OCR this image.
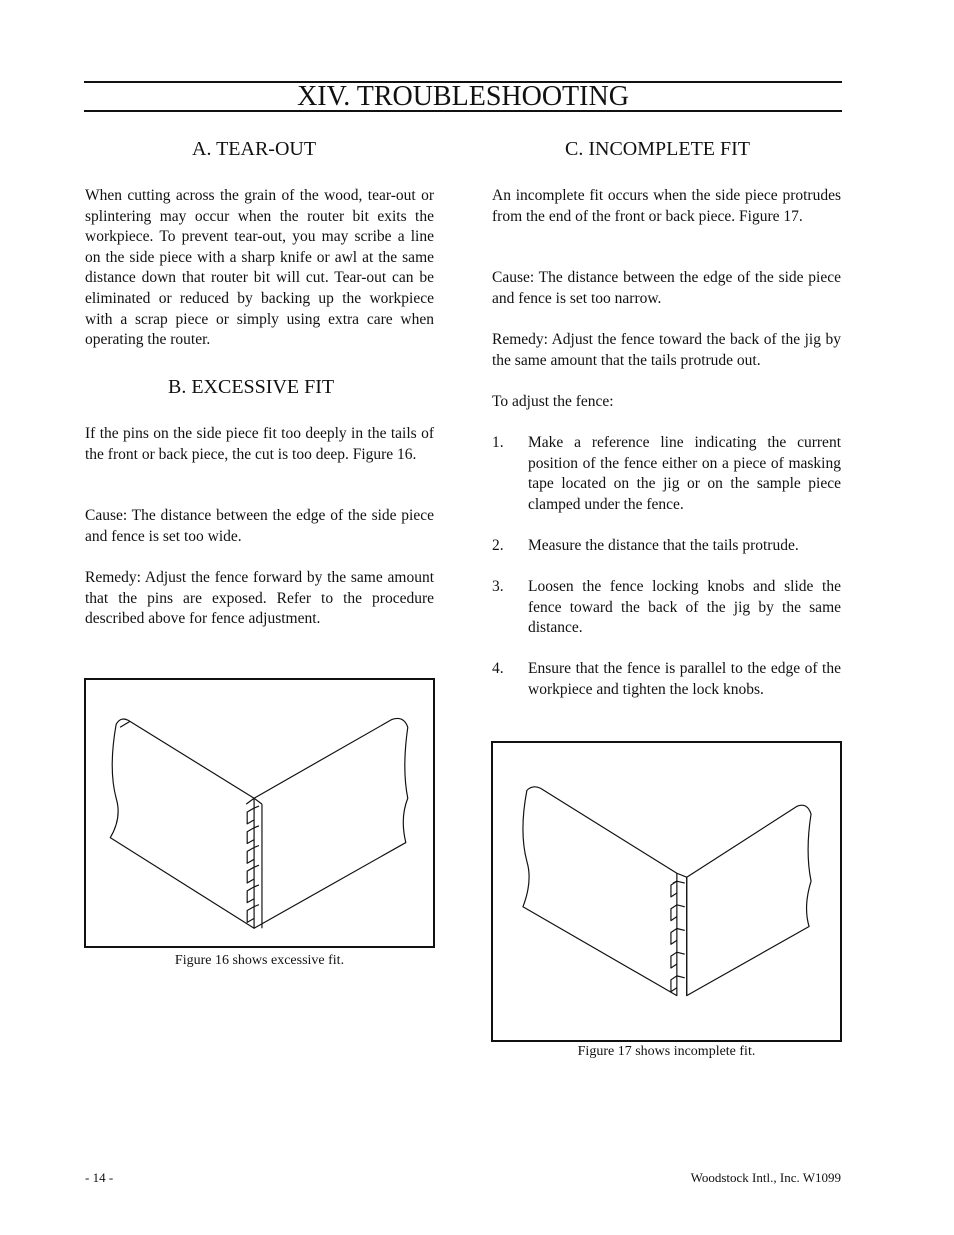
XIV. TROUBLESHOOTING
A. TEAR-OUT

When cutting across the grain of the wood, tear-out or splintering may occur when the router bit exits the workpiece. To prevent tear-out, you may scribe a line on the side piece with a sharp knife or awl at the same distance down that router bit will cut. Tear-out can be eliminated or reduced by backing up the workpiece with a scrap piece or simply using extra care when operating the router.

B. EXCESSIVE FIT

If the pins on the side piece fit too deeply in the tails of the front or back piece, the cut is too deep. Figure 16.

Cause: The distance between the edge of the side piece and fence is set too wide.

Remedy: Adjust the fence forward by the same amount that the pins are exposed. Refer to the procedure described above for fence adjustment.

C. INCOMPLETE FIT

An incomplete fit occurs when the side piece protrudes from the end of the front or back piece. Figure 17.

Cause: The distance between the edge of the side piece and fence is set too narrow.

Remedy: Adjust the fence toward the back of the jig by the same amount that the tails protrude out.

To adjust the fence:

1. Make a reference line indicating the current position of the fence either on a piece of masking tape located on the jig or on the sample piece clamped under the fence.

2. Measure the distance that the tails protrude.

3. Loosen the fence locking knobs and slide the fence toward the back of the jig by the same distance.

4. Ensure that the fence is parallel to the edge of the workpiece and tighten the lock knobs.

Figure 16 shows excessive fit.

Figure 17 shows incomplete fit.

- 14 -	Woodstock Intl., Inc. W1099
